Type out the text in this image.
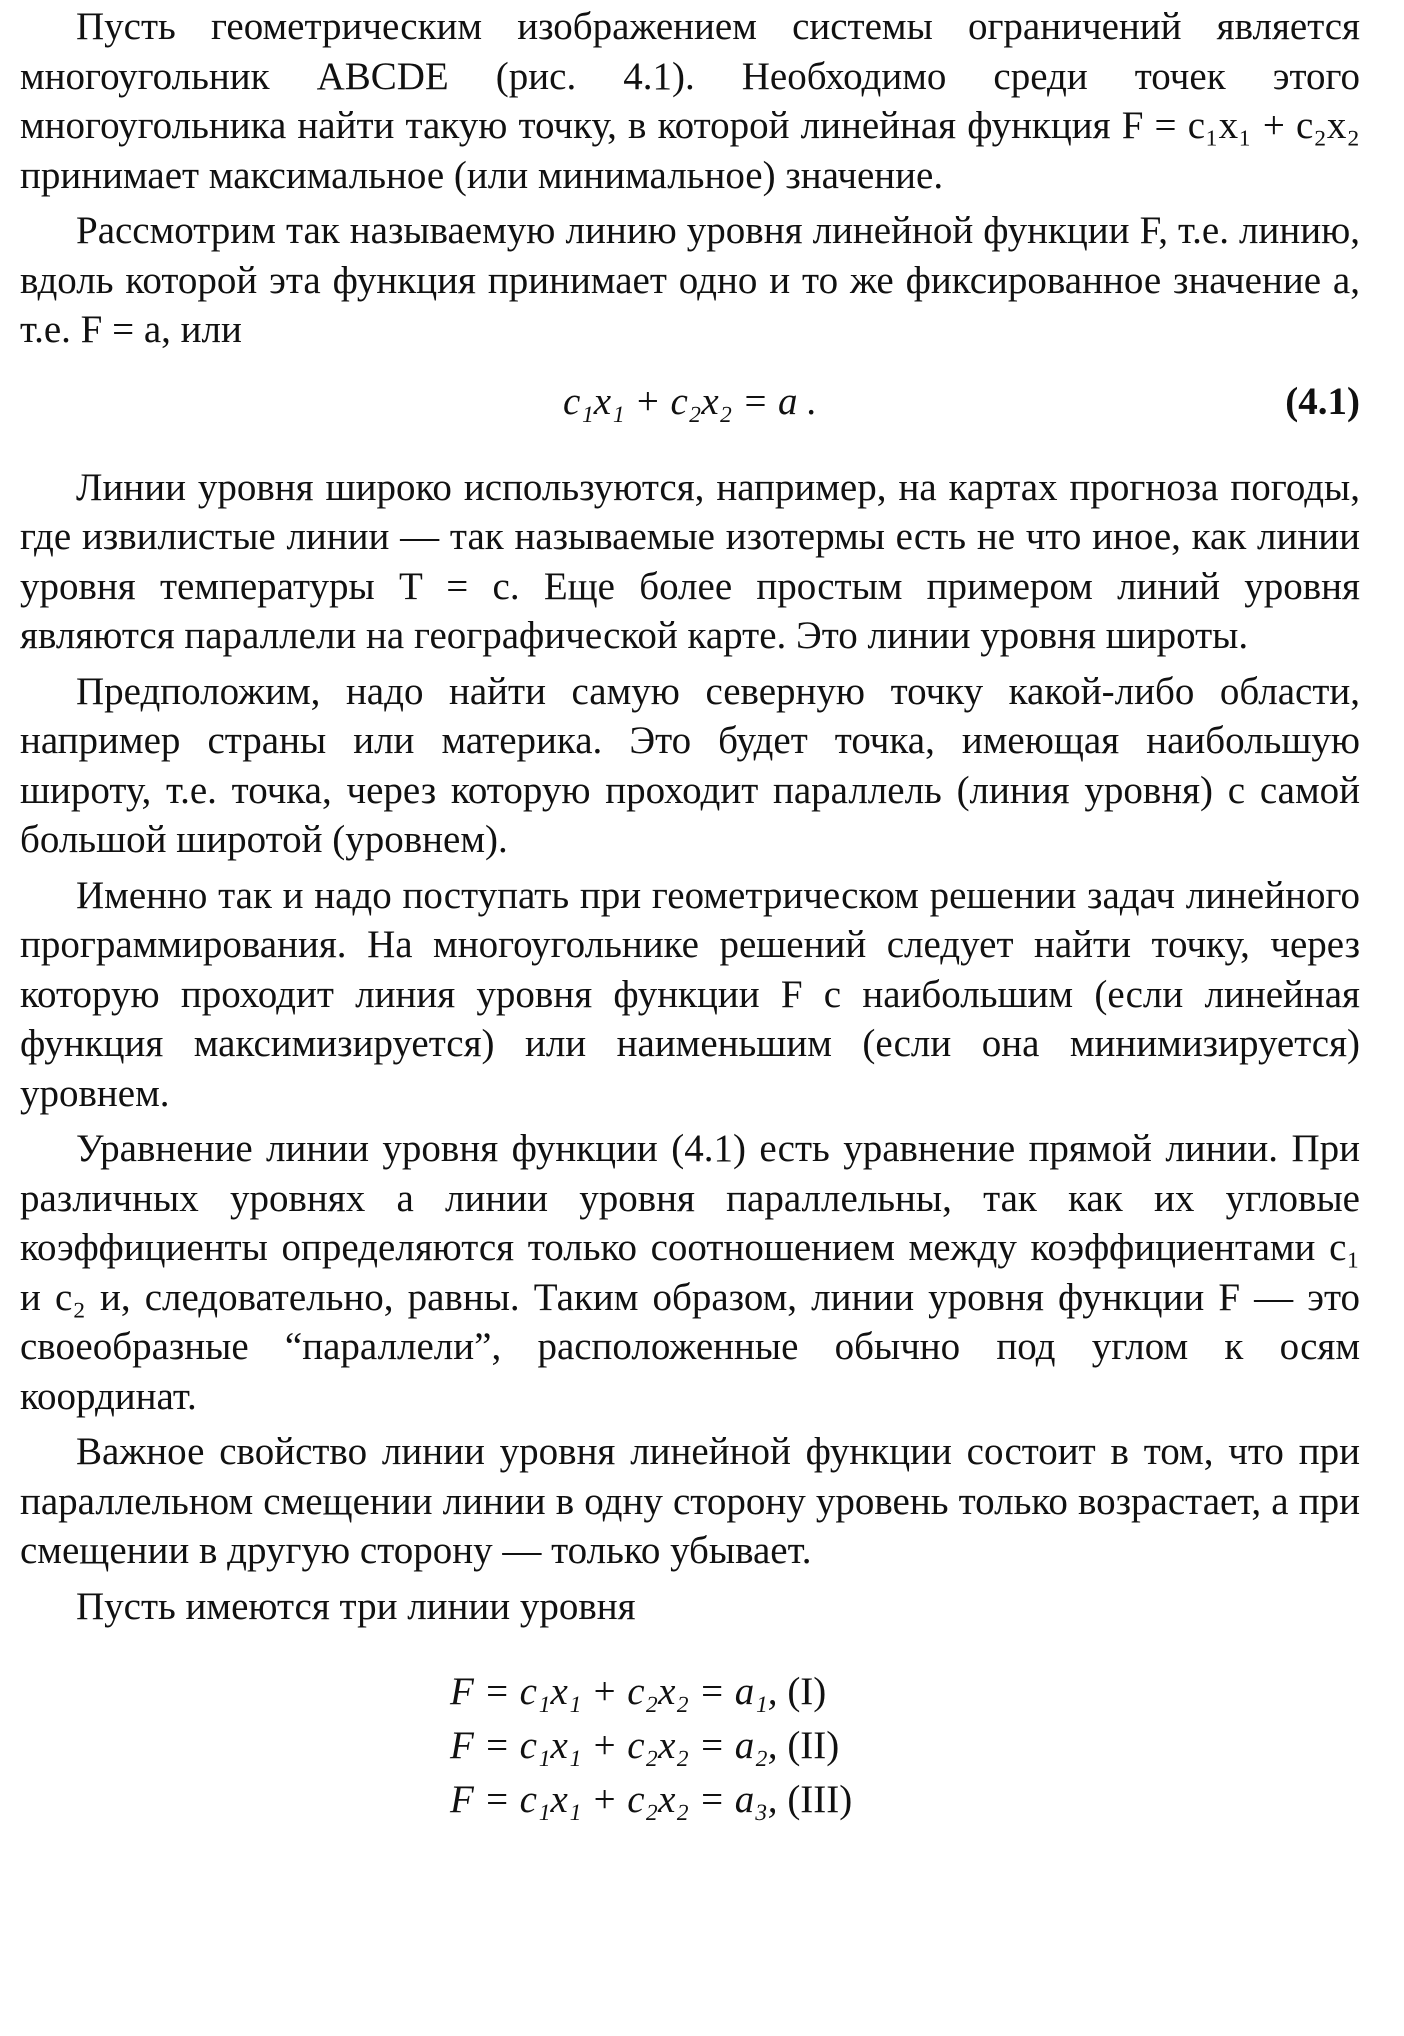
Пусть геометрическим изображением системы ограничений является многоугольник ABCDE (рис. 4.1). Необходимо среди точек этого многоугольника найти такую точку, в которой линейная функция F = c₁x₁ + c₂x₂ принимает максимальное (или минимальное) значение.

Рассмотрим так называемую линию уровня линейной функции F, т.е. линию, вдоль которой эта функция принимает одно и то же фиксированное значение a, т.е. F = a, или

c₁x₁ + c₂x₂ = a .	(4.1)

Линии уровня широко используются, например, на картах прогноза погоды, где извилистые линии — так называемые изотермы есть не что иное, как линии уровня температуры T = c. Еще более простым примером линий уровня являются параллели на географической карте. Это линии уровня широты.

Предположим, надо найти самую северную точку какой-либо области, например страны или материка. Это будет точка, имеющая наибольшую широту, т.е. точка, через которую проходит параллель (линия уровня) с самой большой широтой (уровнем).

Именно так и надо поступать при геометрическом решении задач линейного программирования. На многоугольнике решений следует найти точку, через которую проходит линия уровня функции F с наибольшим (если линейная функция максимизируется) или наименьшим (если она минимизируется) уровнем.

Уравнение линии уровня функции (4.1) есть уравнение прямой линии. При различных уровнях a линии уровня параллельны, так как их угловые коэффициенты определяются только соотношением между коэффициентами c₁ и c₂ и, следовательно, равны. Таким образом, линии уровня функции F — это своеобразные “параллели”, расположенные обычно под углом к осям координат.

Важное свойство линии уровня линейной функции состоит в том, что при параллельном смещении линии в одну сторону уровень только возрастает, а при смещении в другую сторону — только убывает.

Пусть имеются три линии уровня

F = c₁x₁ + c₂x₂ = a₁, (I)
F = c₁x₁ + c₂x₂ = a₂, (II)
F = c₁x₁ + c₂x₂ = a₃, (III)
